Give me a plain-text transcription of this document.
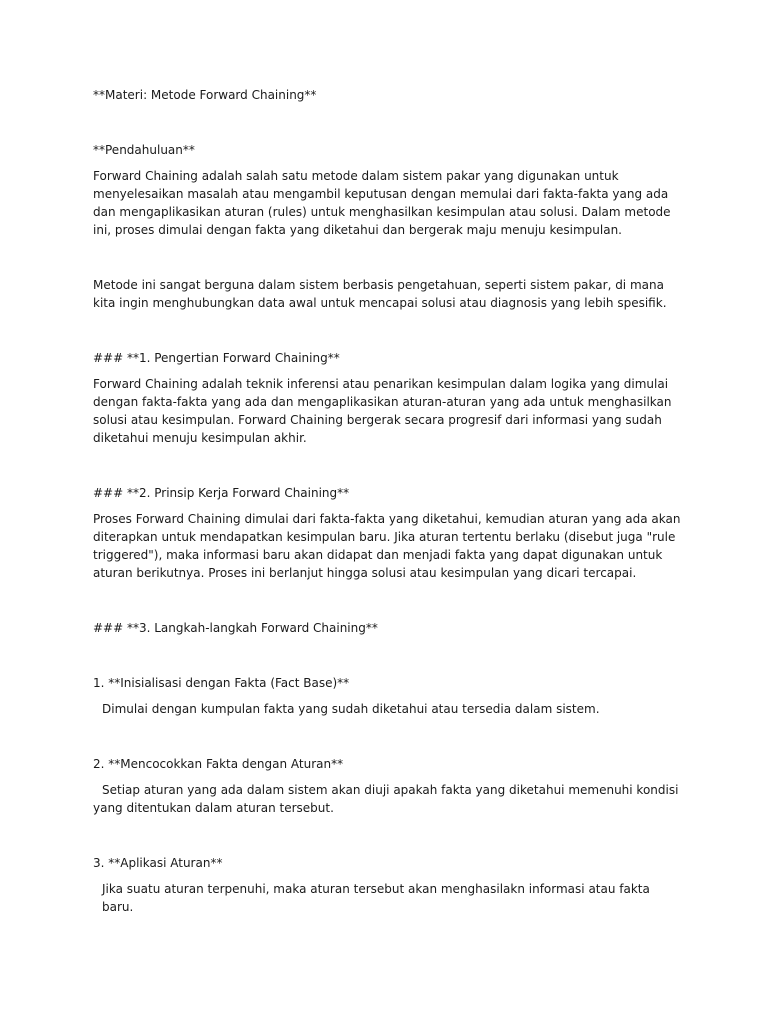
**Materi: Metode Forward Chaining**

**Pendahuluan**

Forward Chaining adalah salah satu metode dalam sistem pakar yang digunakan untuk menyelesaikan masalah atau mengambil keputusan dengan memulai dari fakta-fakta yang ada dan mengaplikasikan aturan (rules) untuk menghasilkan kesimpulan atau solusi. Dalam metode ini, proses dimulai dengan fakta yang diketahui dan bergerak maju menuju kesimpulan.

Metode ini sangat berguna dalam sistem berbasis pengetahuan, seperti sistem pakar, di mana kita ingin menghubungkan data awal untuk mencapai solusi atau diagnosis yang lebih spesifik.

### **1. Pengertian Forward Chaining**

Forward Chaining adalah teknik inferensi atau penarikan kesimpulan dalam logika yang dimulai dengan fakta-fakta yang ada dan mengaplikasikan aturan-aturan yang ada untuk menghasilkan solusi atau kesimpulan. Forward Chaining bergerak secara progresif dari informasi yang sudah diketahui menuju kesimpulan akhir.

### **2. Prinsip Kerja Forward Chaining**

Proses Forward Chaining dimulai dari fakta-fakta yang diketahui, kemudian aturan yang ada akan diterapkan untuk mendapatkan kesimpulan baru. Jika aturan tertentu berlaku (disebut juga "rule triggered"), maka informasi baru akan didapat dan menjadi fakta yang dapat digunakan untuk aturan berikutnya. Proses ini berlanjut hingga solusi atau kesimpulan yang dicari tercapai.

### **3. Langkah-langkah Forward Chaining**

1. **Inisialisasi dengan Fakta (Fact Base)**

Dimulai dengan kumpulan fakta yang sudah diketahui atau tersedia dalam sistem.

2. **Mencocokkan Fakta dengan Aturan**

Setiap aturan yang ada dalam sistem akan diuji apakah fakta yang diketahui memenuhi kondisi yang ditentukan dalam aturan tersebut.

3. **Aplikasi Aturan**

Jika suatu aturan terpenuhi, maka aturan tersebut akan menghasilakn informasi atau fakta baru.
